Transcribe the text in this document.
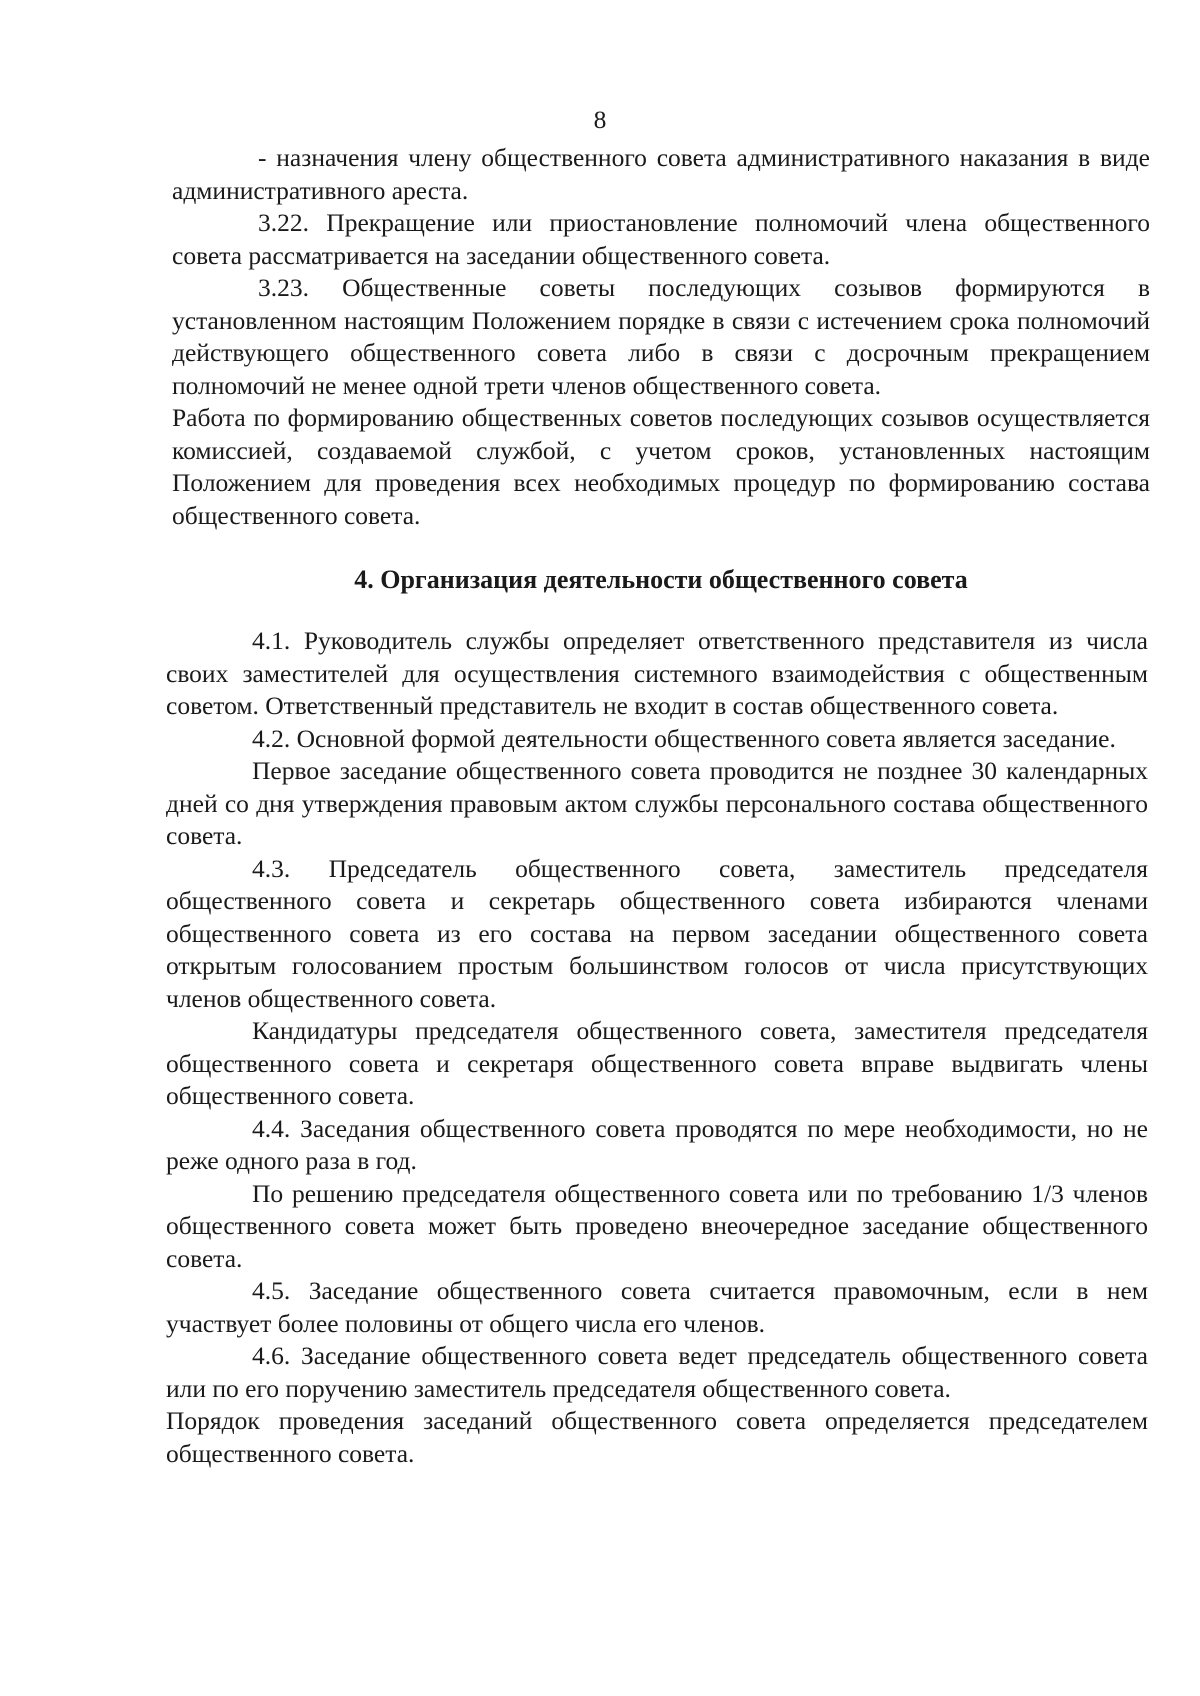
8

- назначения члену общественного совета административного наказания в виде административного ареста.

3.22. Прекращение или приостановление полномочий члена общественного совета рассматривается на заседании общественного совета.

3.23. Общественные советы последующих созывов формируются в установленном настоящим Положением порядке в связи с истечением срока полномочий действующего общественного совета либо в связи с досрочным прекращением полномочий не менее одной трети членов общественного совета.

Работа по формированию общественных советов последующих созывов осуществляется комиссией, создаваемой службой, с учетом сроков, установленных настоящим Положением для проведения всех необходимых процедур по формированию состава общественного совета.

4. Организация деятельности общественного совета

4.1. Руководитель службы определяет ответственного представителя из числа своих заместителей для осуществления системного взаимодействия с общественным советом. Ответственный представитель не входит в состав общественного совета.

4.2. Основной формой деятельности общественного совета является заседание.

Первое заседание общественного совета проводится не позднее 30 календарных дней со дня утверждения правовым актом службы персонального состава общественного совета.

4.3. Председатель общественного совета, заместитель председателя общественного совета и секретарь общественного совета избираются членами общественного совета из его состава на первом заседании общественного совета открытым голосованием простым большинством голосов от числа присутствующих членов общественного совета.

Кандидатуры председателя общественного совета, заместителя председателя общественного совета и секретаря общественного совета вправе выдвигать члены общественного совета.

4.4. Заседания общественного совета проводятся по мере необходимости, но не реже одного раза в год.

По решению председателя общественного совета или по требованию 1/3 членов общественного совета может быть проведено внеочередное заседание общественного совета.

4.5. Заседание общественного совета считается правомочным, если в нем участвует более половины от общего числа его членов.

4.6. Заседание общественного совета ведет председатель общественного совета или по его поручению заместитель председателя общественного совета.

Порядок проведения заседаний общественного совета определяется председателем общественного совета.
